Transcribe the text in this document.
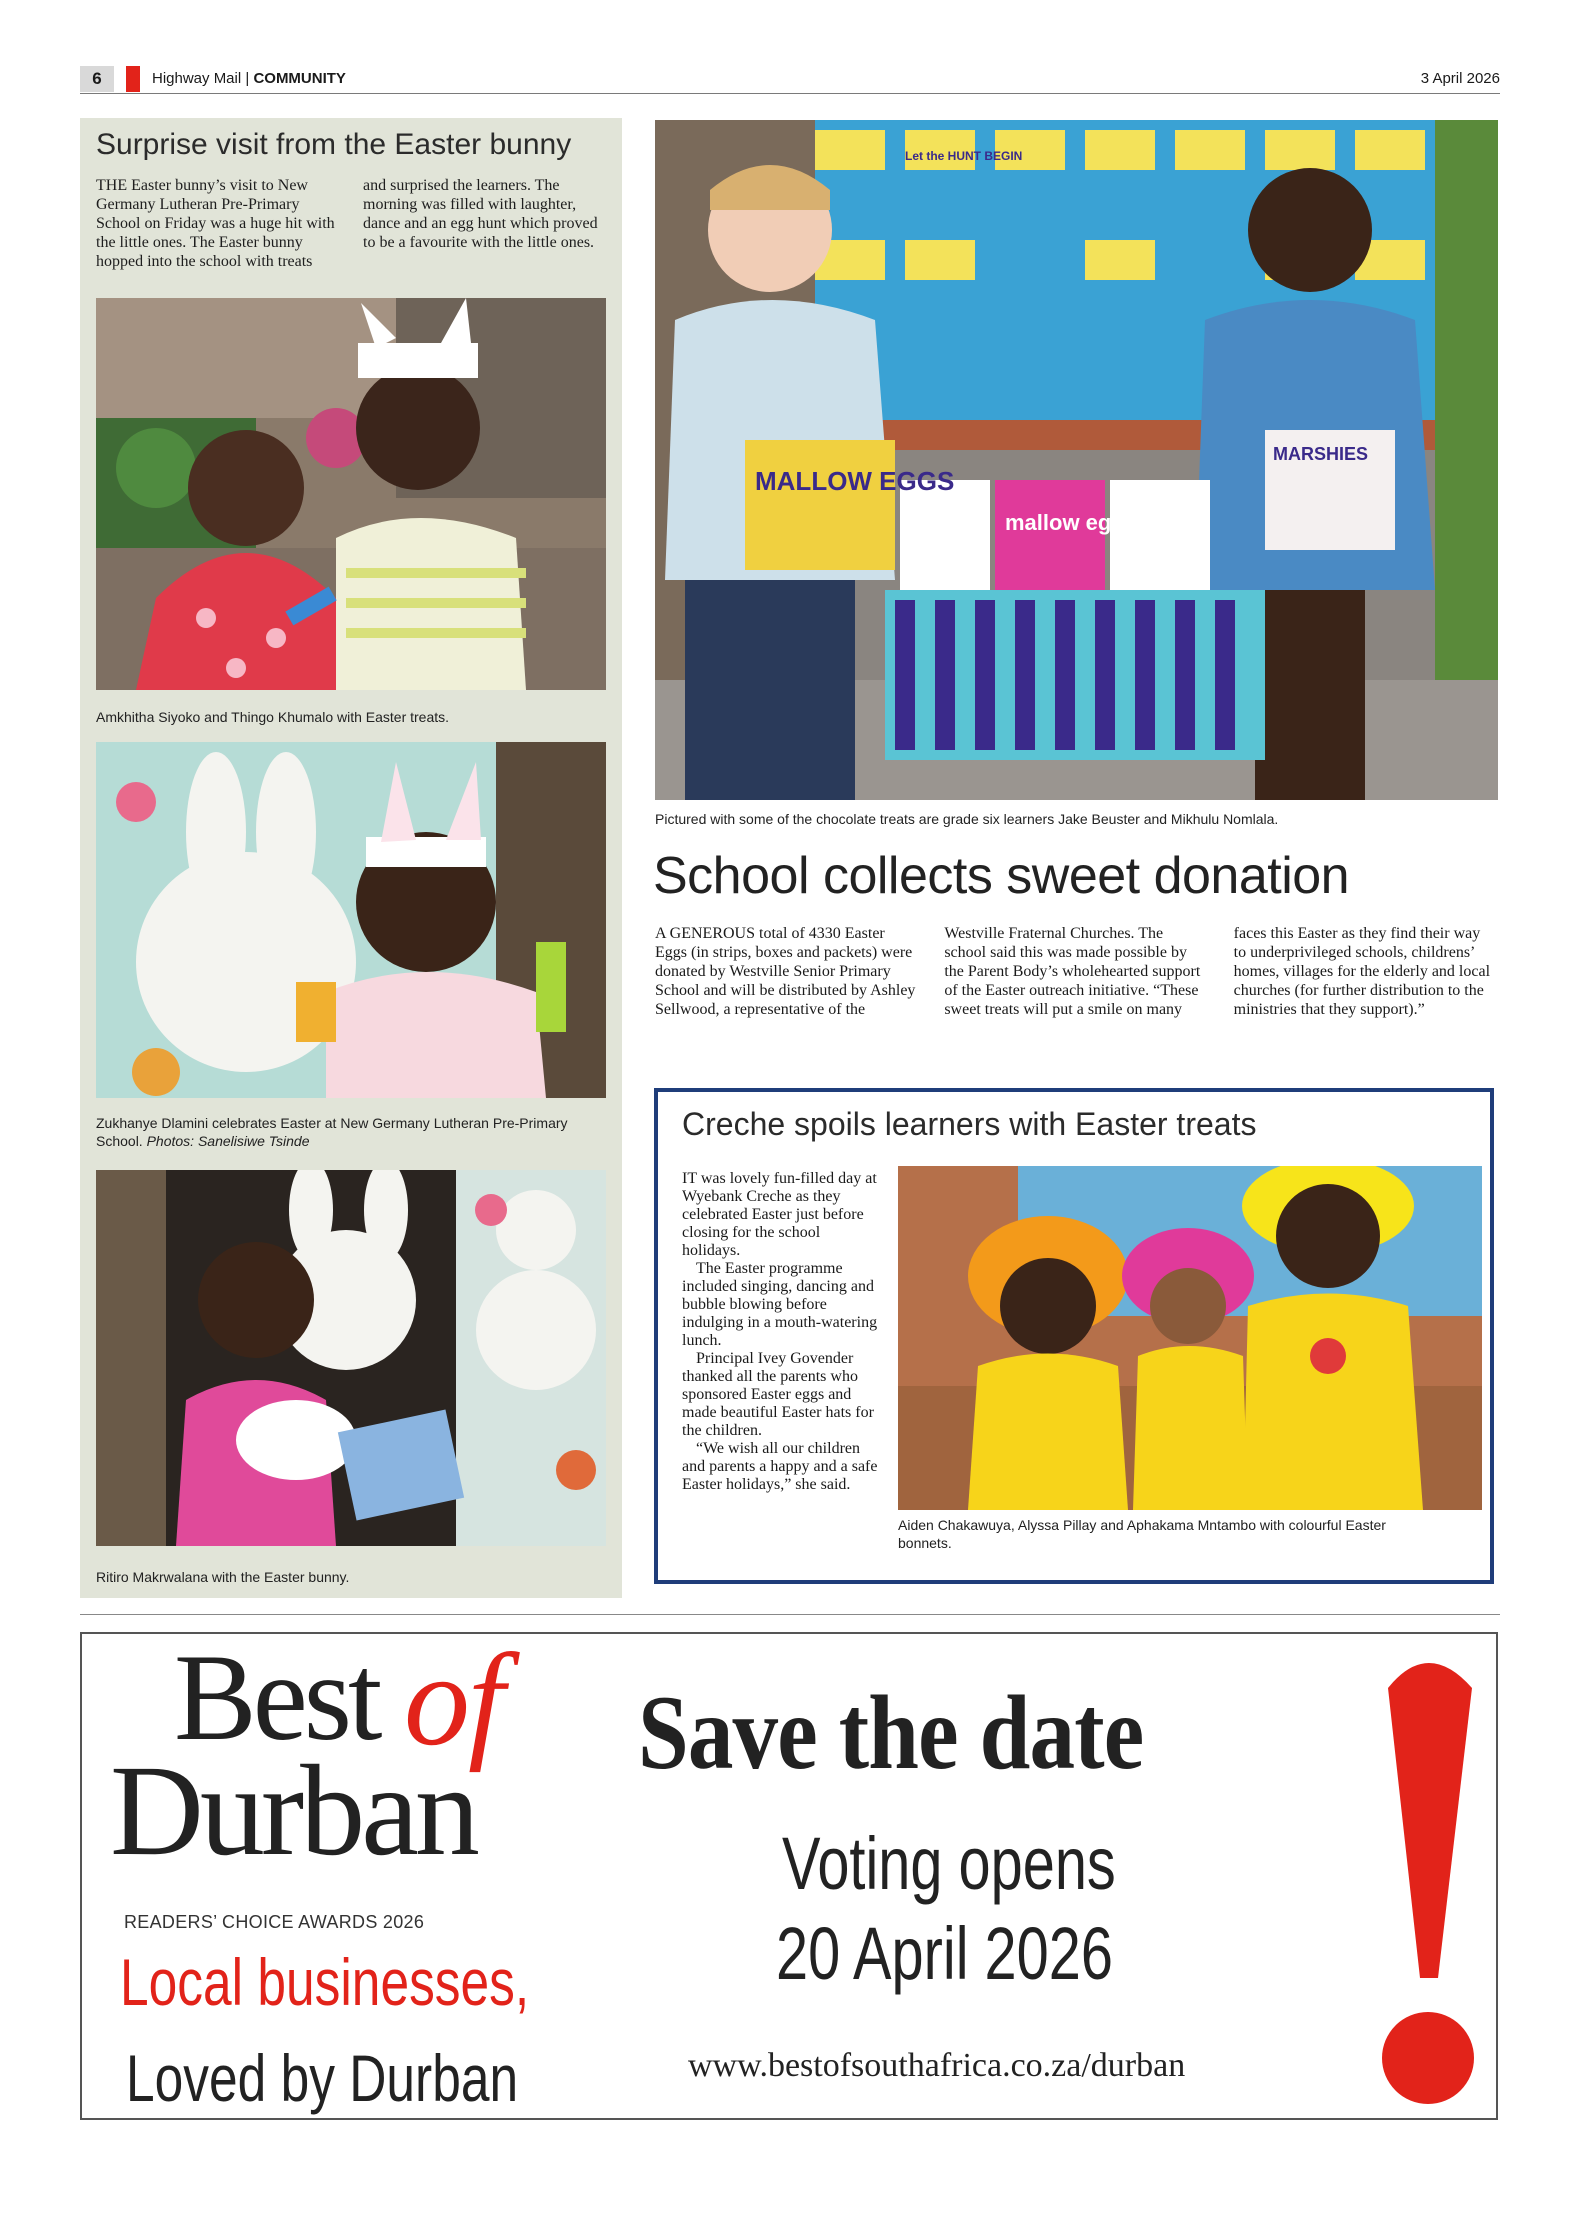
6	Highway Mail | COMMUNITY	3 April 2026
Surprise visit from the Easter bunny
THE Easter bunny’s visit to New Germany Lutheran Pre-Primary School on Friday was a huge hit with the little ones. The Easter bunny hopped into the school with treats and surprised the learners. The morning was filled with laughter, dance and an egg hunt which proved to be a favourite with the little ones.
Amkhitha Siyoko and Thingo Khumalo with Easter treats.
Zukhanye Dlamini celebrates Easter at New Germany Lutheran Pre-Primary School. Photos: Sanelisiwe Tsinde
Ritiro Makrwalana with the Easter bunny.
MALLOW EGGS
mallow eggs
MARSHIES
Let the HUNT BEGIN
Pictured with some of the chocolate treats are grade six learners Jake Beuster and Mikhulu Nomlala.
School collects sweet donation
A GENEROUS total of 4330 Easter Eggs (in strips, boxes and packets) were donated by Westville Senior Primary School and will be distributed by Ashley Sellwood, a representative of the Westville Fraternal Churches. The school said this was made possible by the Parent Body’s wholehearted support of the Easter outreach initiative. “These sweet treats will put a smile on many faces this Easter as they find their way to underprivileged schools, childrens’ homes, villages for the elderly and local churches (for further distribution to the ministries that they support).”
Creche spoils learners with Easter treats

IT was lovely fun-filled day at Wyebank Creche as they celebrated Easter just before closing for the school holidays.

The Easter programme included singing, dancing and bubble blowing before indulging in a mouth-watering lunch.

Principal Ivey Govender thanked all the parents who sponsored Easter eggs and made beautiful Easter hats for the children.

“We wish all our children and parents a happy and a safe Easter holidays,” she said.

Aiden Chakawuya, Alyssa Pillay and Aphakama Mntambo with colourful Easter bonnets.
Best of
Durban
READERS’ CHOICE AWARDS 2026
Local businesses,
Loved by Durban
Save the date
Voting opens
20 April 2026
www.bestofsouthafrica.co.za/durban
